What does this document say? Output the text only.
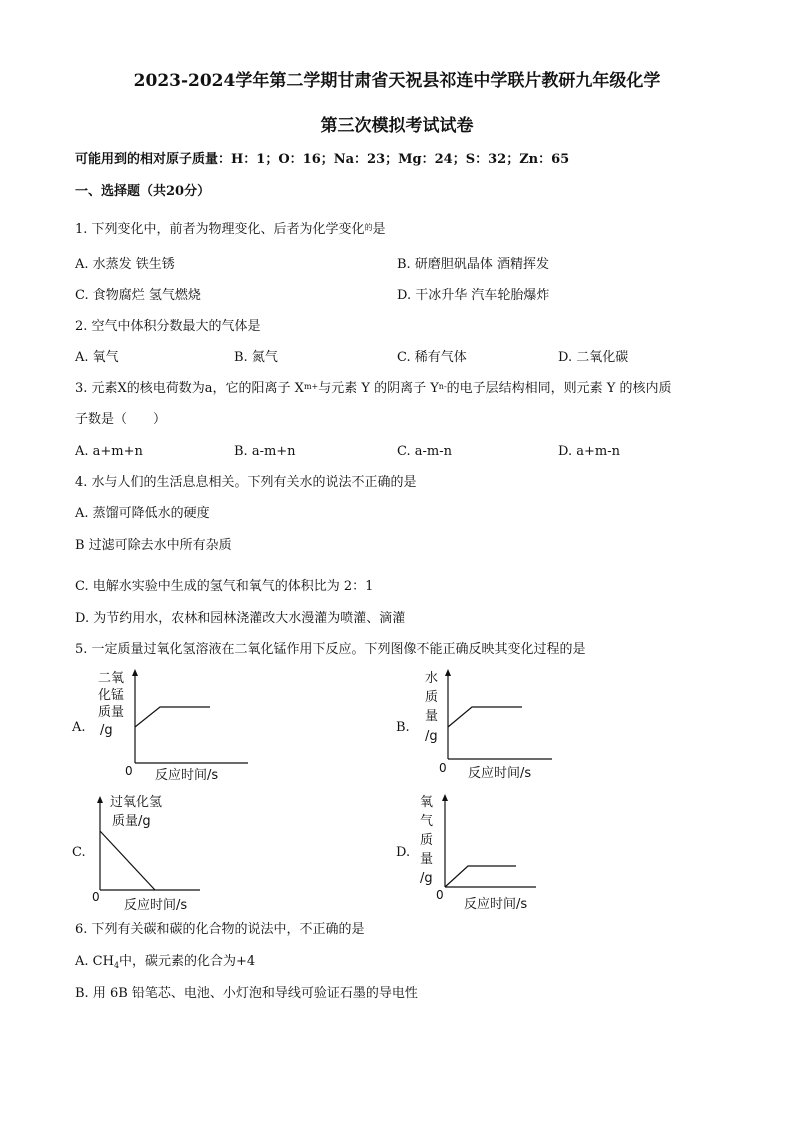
2023-2024学年第二学期甘肃省天祝县祁连中学联片教研九年级化学
第三次模拟考试试卷
可能用到的相对原子质量：H：1；O：16；Na：23；Mg：24；S：32；Zn：65
一、选择题（共20分）
1. 下列变化中，前者为物理变化、后者为化学变化$^的$是
A. 水蒸发 铁生锈	B. 研磨胆矾晶体 酒精挥发
C. 食物腐烂 氢气燃烧	D. 干冰升华 汽车轮胎爆炸
2. 空气中体积分数最大的气体是
A. 氧气	B. 氮气	C. 稀有气体	D. 二氧化碳
3. 元素X的核电荷数为a，它的阳离子 $X^{m+}$与元素 Y 的阴离子 $Y^{n-}$的电子层结构相同，则元素 Y 的核内质
子数是（　　）
A. a+m+n	B. a-m+n	C. a-m-n	D. a+m-n
4. 水与人们的生活息息相关。下列有关水的说法不正确的是
A. 蒸馏可降低水的硬度
B 过滤可除去水中所有杂质
C. 电解水实验中生成的氢气和氧气的体积比为 2：1
D. 为节约用水，农林和园林浇灌改大水漫灌为喷灌、滴灌
5. 一定质量过氧化氢溶液在二氧化锰作用下反应。下列图像不能正确反映其变化过程的是
A.
二氧
化锰
质量
/g
0 反应时间/s
B.
水
质
量
/g
0 反应时间/s
C.
过氧化氢
质量/g
0
反应时间/s
D.
氧
气
质
量
/g
0
反应时间/s
6. 下列有关碳和碳的化合物的说法中，不正确的是
A. $CH_4$中，碳元素的化合为+4
B. 用 6B 铅笔芯、电池、小灯泡和导线可验证石墨的导电性
